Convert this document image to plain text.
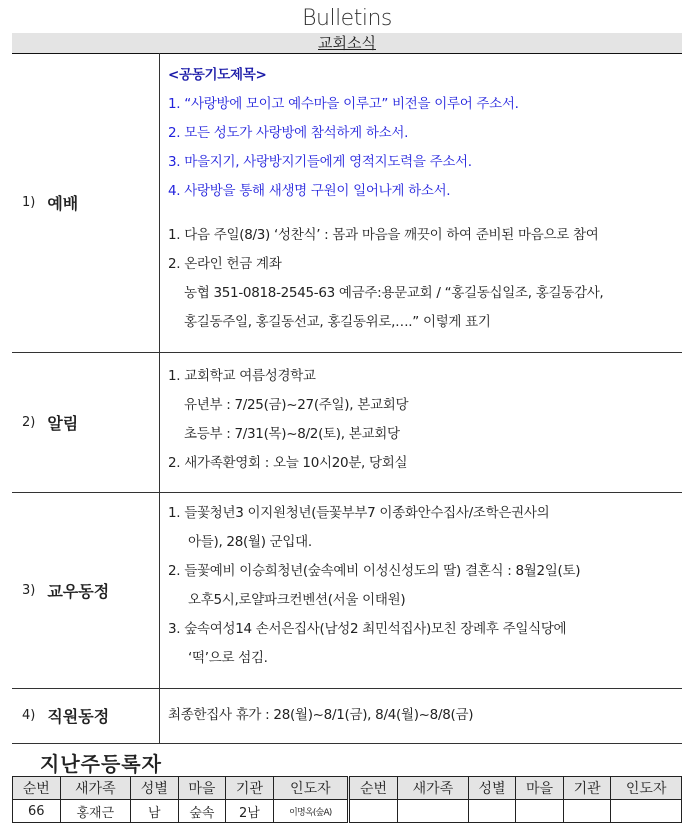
Bulletins
교회소식
1) 예배
<공동기도제목>
1. “사랑방에 모이고 예수마을 이루고” 비전을 이루어 주소서.
2. 모든 성도가 사랑방에 참석하게 하소서.
3. 마을지기, 사랑방지기들에게 영적지도력을 주소서.
4. 사랑방을 통해 새생명 구원이 일어나게 하소서.
1. 다음 주일(8/3) ‘성찬식’ : 몸과 마음을 깨끗이 하여 준비된 마음으로 참여
2. 온라인 헌금 계좌
농협 351-0818-2545-63 예금주:용문교회 / “홍길동십일조, 홍길동감사,
홍길동주일, 홍길동선교, 홍길동위로,….” 이렇게 표기
2) 알림
1. 교회학교 여름성경학교
유년부 : 7/25(금)~27(주일), 본교회당
초등부 : 7/31(목)~8/2(토), 본교회당
2. 새가족환영회 : 오늘 10시20분, 당회실
3) 교우동정
1. 들꽃청년3 이지원청년(들꽃부부7 이종화안수집사/조학은권사의
아들), 28(월) 군입대.
2. 들꽃예비 이승희청년(숲속예비 이성신성도의 딸) 결혼식 : 8월2일(토)
오후5시,로얄파크컨벤션(서울 이태원)
3. 숲속여성14 손서은집사(남성2 최민석집사)모친 장례후 주일식당에
‘떡’으로 섬김.
4) 직원동정	최종한집사 휴가 : 28(월)~8/1(금), 8/4(월)~8/8(금)
지난주등록자
순번	새가족	성별	마을	기관	인도자	순번	새가족	성별	마을	기관	인도자
66	홍재근	남	숲속	2남	이명옥(숲A)						
